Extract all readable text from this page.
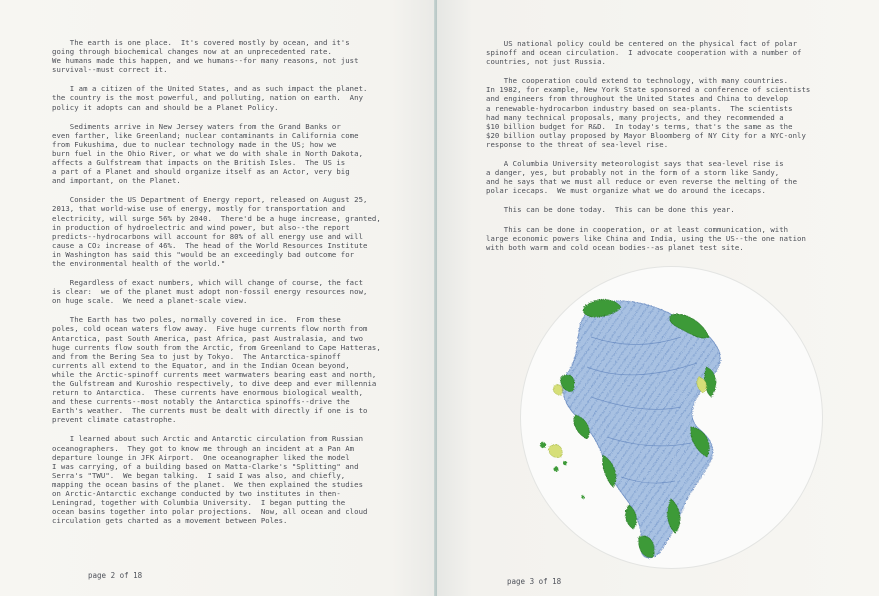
The earth is one place.  It's covered mostly by ocean, and it's
going through biochemical changes now at an unprecedented rate.
We humans made this happen, and we humans--for many reasons, not just
survival--must correct it.
I am a citizen of the United States, and as such impact the planet.
the country is the most powerful, and polluting, nation on earth.  Any
policy it adopts can and should be a Planet Policy.
Sediments arrive in New Jersey waters from the Grand Banks or
even farther, like Greenland; nuclear contaminants in California come
from Fukushima, due to nuclear technology made in the US; how we
burn fuel in the Ohio River, or what we do with shale in North Dakota,
affects a Gulfstream that impacts on the British Isles.  The US is
a part of a Planet and should organize itself as an Actor, very big
and important, on the Planet.
Consider the US Department of Energy report, released on August 25,
2013, that world-wise use of energy, mostly for transportation and
electricity, will surge 56% by 2040.  There'd be a huge increase, granted,
in production of hydroelectric and wind power, but also--the report
predicts--hydrocarbons will account for 80% of all energy use and will
cause a CO₂ increase of 46%.  The head of the World Resources Institute
in Washington has said this "would be an exceedingly bad outcome for
the environmental health of the world."
Regardless of exact numbers, which will change of course, the fact
is clear:  we of the planet must adopt non-fossil energy resources now,
on huge scale.  We need a planet-scale view.
The Earth has two poles, normally covered in ice.  From these
poles, cold ocean waters flow away.  Five huge currents flow north from
Antarctica, past South America, past Africa, past Australasia, and two
huge currents flow south from the Arctic, from Greenland to Cape Hatteras,
and from the Bering Sea to just by Tokyo.  The Antarctica-spinoff
currents all extend to the Equator, and in the Indian Ocean beyond,
while the Arctic-spinoff currents meet warmwaters bearing east and north,
the Gulfstream and Kuroshio respectively, to dive deep and ever millennia
return to Antarctica.  These currents have enormous biological wealth,
and these currents--most notably the Antarctica spinoffs--drive the
Earth's weather.  The currents must be dealt with directly if one is to
prevent climate catastrophe.
I learned about such Arctic and Antarctic circulation from Russian
oceanographers.  They got to know me through an incident at a Pan Am
departure lounge in JFK Airport.  One oceanographer liked the model
I was carrying, of a building based on Matta-Clarke's "Splitting" and
Serra's "TWU".  We began talking.  I said I was also, and chiefly,
mapping the ocean basins of the planet.  We then explained the studies
on Arctic-Antarctic exchange conducted by two institutes in then-
Leningrad, together with Columbia University.  I began putting the
ocean basins together into polar projections.  Now, all ocean and cloud
circulation gets charted as a movement between Poles.
page 2 of 18
US national policy could be centered on the physical fact of polar
spinoff and ocean circulation.  I advocate cooperation with a number of
countries, not just Russia.
The cooperation could extend to technology, with many countries.
In 1982, for example, New York State sponsored a conference of scientists
and engineers from throughout the United States and China to develop
a renewable-hydrocarbon industry based on sea-plants.  The scientists
had many technical proposals, many projects, and they recommended a
$10 billion budget for R&D.  In today's terms, that's the same as the
$20 billion outlay proposed by Mayor Bloomberg of NY City for a NYC-only
response to the threat of sea-level rise.
A Columbia University meteorologist says that sea-level rise is
a danger, yes, but probably not in the form of a storm like Sandy,
and he says that we must all reduce or even reverse the melting of the
polar icecaps.  We must organize what we do around the icecaps.
This can be done today.  This can be done this year.
This can be done in cooperation, or at least communication, with
large economic powers like China and India, using the US--the one nation
with both warm and cold ocean bodies--as planet test site.
page 3 of 18
